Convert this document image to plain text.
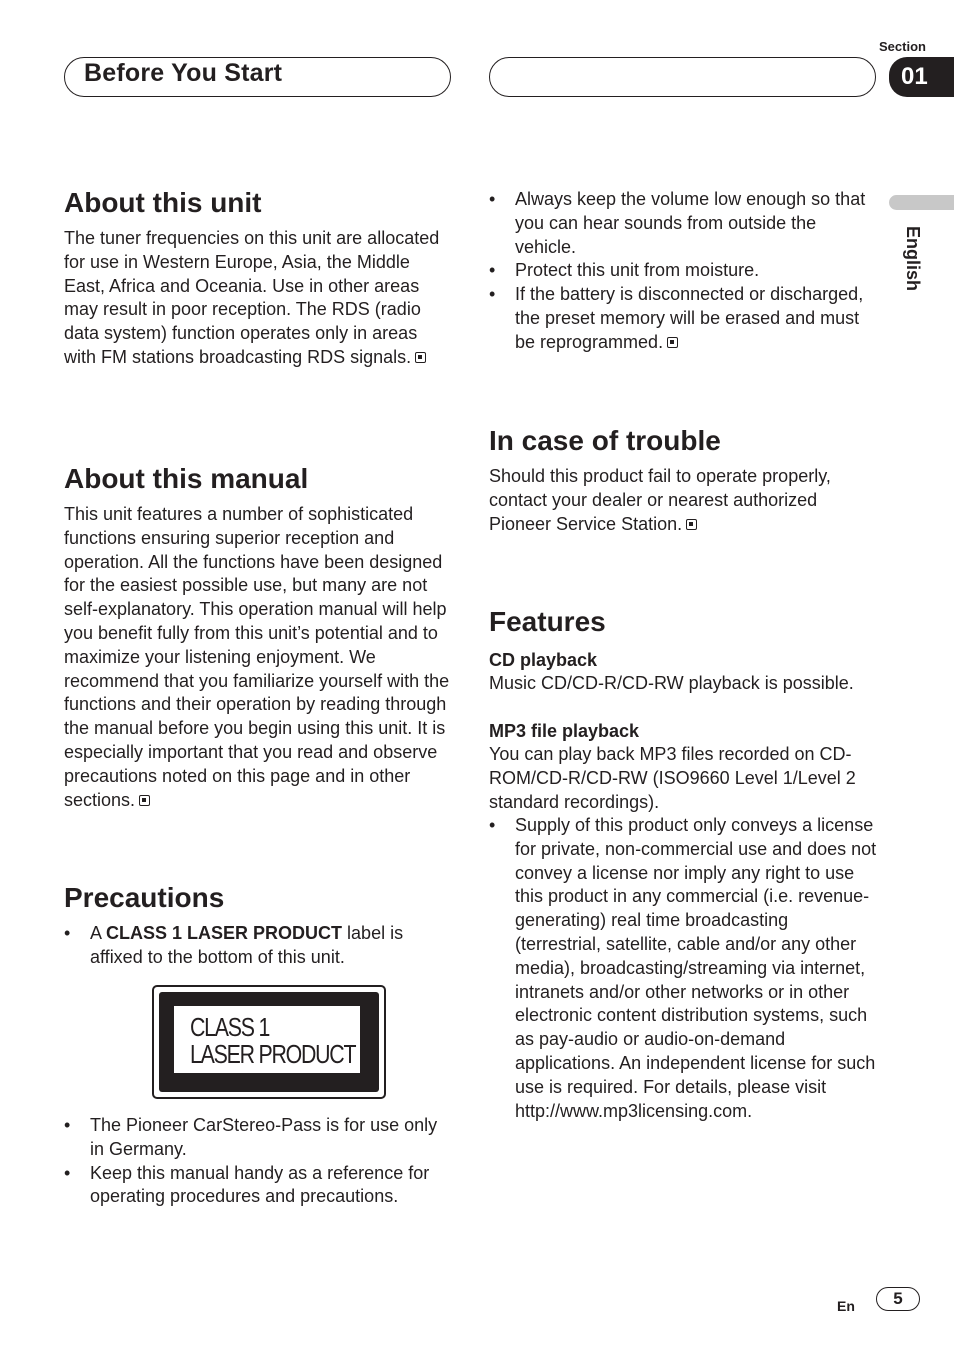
Before You Start
Section
01
English
About this unit
The tuner frequencies on this unit are allocated for use in Western Europe, Asia, the Middle East, Africa and Oceania. Use in other areas may result in poor reception. The RDS (radio data system) function operates only in areas with FM stations broadcasting RDS signals.
About this manual
This unit features a number of sophisticated functions ensuring superior reception and operation. All the functions have been designed for the easiest possible use, but many are not self-explanatory. This operation manual will help you benefit fully from this unit’s potential and to maximize your listening enjoyment. We recommend that you familiarize yourself with the functions and their operation by reading through the manual before you begin using this unit. It is especially important that you read and observe precautions noted on this page and in other sections.
Precautions
• A CLASS 1 LASER PRODUCT label is affixed to the bottom of this unit.
CLASS 1
LASER PRODUCT
• The Pioneer CarStereo-Pass is for use only in Germany.
• Keep this manual handy as a reference for operating procedures and precautions.
• Always keep the volume low enough so that you can hear sounds from outside the vehicle.
• Protect this unit from moisture.
• If the battery is disconnected or discharged, the preset memory will be erased and must be reprogrammed.
In case of trouble
Should this product fail to operate properly, contact your dealer or nearest authorized Pioneer Service Station.
Features
CD playback
Music CD/CD-R/CD-RW playback is possible.
MP3 file playback
You can play back MP3 files recorded on CD-ROM/CD-R/CD-RW (ISO9660 Level 1/Level 2 standard recordings).
• Supply of this product only conveys a license for private, non-commercial use and does not convey a license nor imply any right to use this product in any commercial (i.e. revenue-generating) real time broadcasting (terrestrial, satellite, cable and/or any other media), broadcasting/streaming via internet, intranets and/or other networks or in other electronic content distribution systems, such as pay-audio or audio-on-demand applications. An independent license for such use is required. For details, please visit
http://www.mp3licensing.com.
En	5
